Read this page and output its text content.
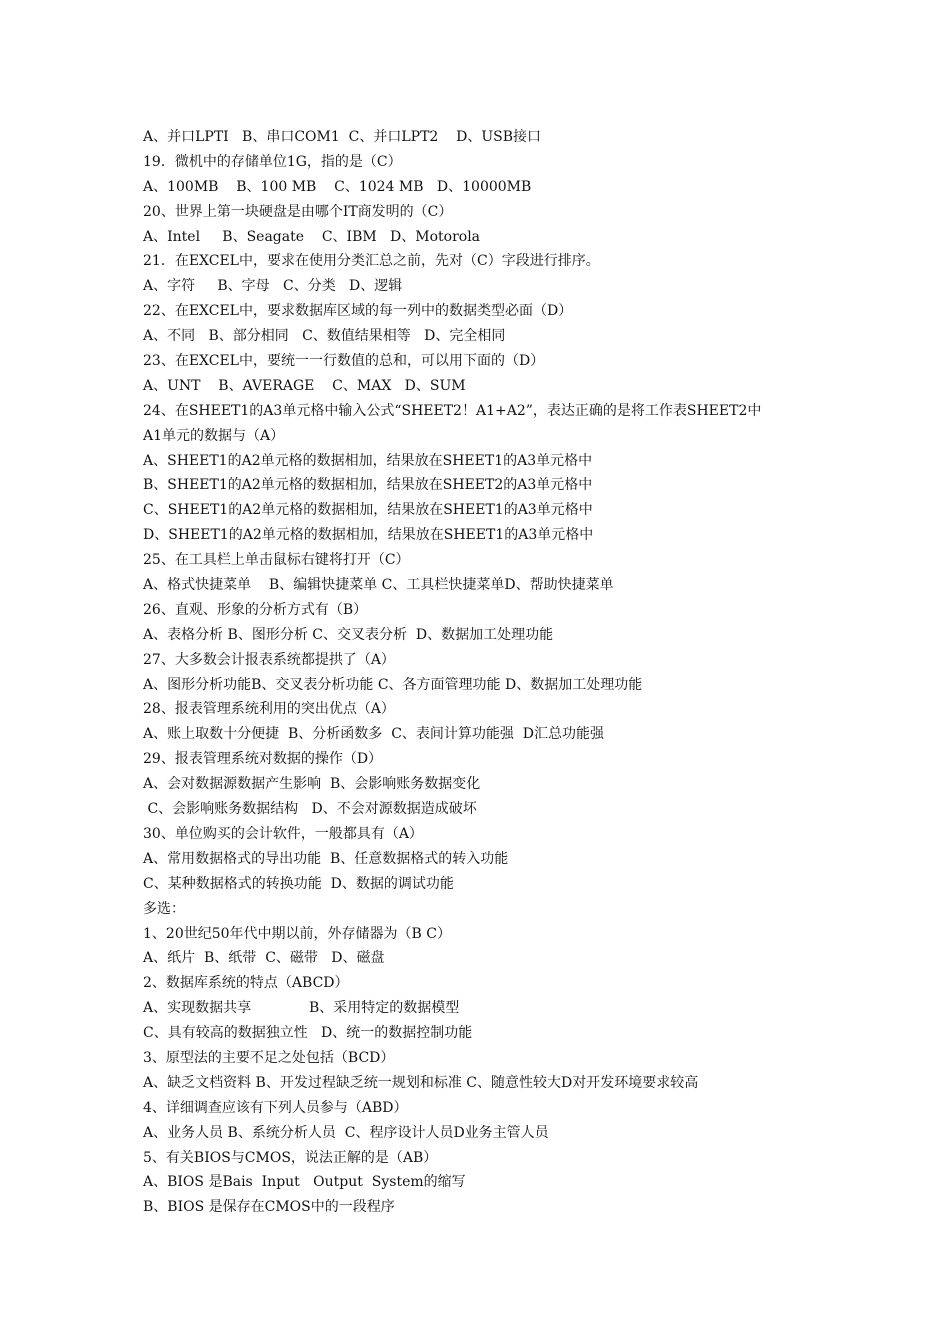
A、并口LPTI   B、串口COM1  C、并口LPT2    D、USB接口
19．微机中的存储单位1G，指的是（C）
A、100MB    B、100 MB    C、1024 MB   D、10000MB
20、世界上第一块硬盘是由哪个IT商发明的（C）
A、Intel     B、Seagate    C、IBM   D、Motorola
21．在EXCEL中，要求在使用分类汇总之前，先对（C）字段进行排序。
A、字符     B、字母   C、分类   D、逻辑
22、在EXCEL中，要求数据库区域的每一列中的数据类型必面（D）
A、不同   B、部分相同   C、数值结果相等   D、完全相同
23、在EXCEL中，要统一一行数值的总和，可以用下面的（D）
A、UNT    B、AVERAGE    C、MAX   D、SUM
24、在SHEET1的A3单元格中输入公式“SHEET2！A1+A2”，表达正确的是将工作表SHEET2中
A1单元的数据与（A）
A、SHEET1的A2单元格的数据相加，结果放在SHEET1的A3单元格中
B、SHEET1的A2单元格的数据相加，结果放在SHEET2的A3单元格中
C、SHEET1的A2单元格的数据相加，结果放在SHEET1的A3单元格中
D、SHEET1的A2单元格的数据相加，结果放在SHEET1的A3单元格中
25、在工具栏上单击鼠标右键将打开（C）
A、格式快捷菜单    B、编辑快捷菜单 C、工具栏快捷菜单D、帮助快捷菜单
26、直观、形象的分析方式有（B）
A、表格分析 B、图形分析 C、交叉表分析  D、数据加工处理功能
27、大多数会计报表系统都提拱了（A）
A、图形分析功能B、交叉表分析功能 C、各方面管理功能 D、数据加工处理功能
28、报表管理系统利用的突出优点（A）
A、账上取数十分便捷  B、分析函数多  C、表间计算功能强  D汇总功能强
29、报表管理系统对数据的操作（D）
A、会对数据源数据产生影响  B、会影响账务数据变化
C、会影响账务数据结构   D、不会对源数据造成破坏
30、单位购买的会计软件，一般都具有（A）
A、常用数据格式的导出功能  B、任意数据格式的转入功能
C、某种数据格式的转换功能  D、数据的调试功能
多选：
1、20世纪50年代中期以前，外存储器为（B C）
A、纸片  B、纸带  C、磁带   D、磁盘
2、数据库系统的特点（ABCD）
A、实现数据共享             B、采用特定的数据模型
C、具有较高的数据独立性   D、统一的数据控制功能
3、原型法的主要不足之处包括（BCD）
A、缺乏文档资料 B、开发过程缺乏统一规划和标准 C、随意性较大D对开发环境要求较高
4、详细调查应该有下列人员参与（ABD）
A、业务人员 B、系统分析人员  C、程序设计人员D业务主管人员
5、有关BIOS与CMOS，说法正解的是（AB）
A、BIOS 是Bais  Input   Output  System的缩写
B、BIOS 是保存在CMOS中的一段程序
